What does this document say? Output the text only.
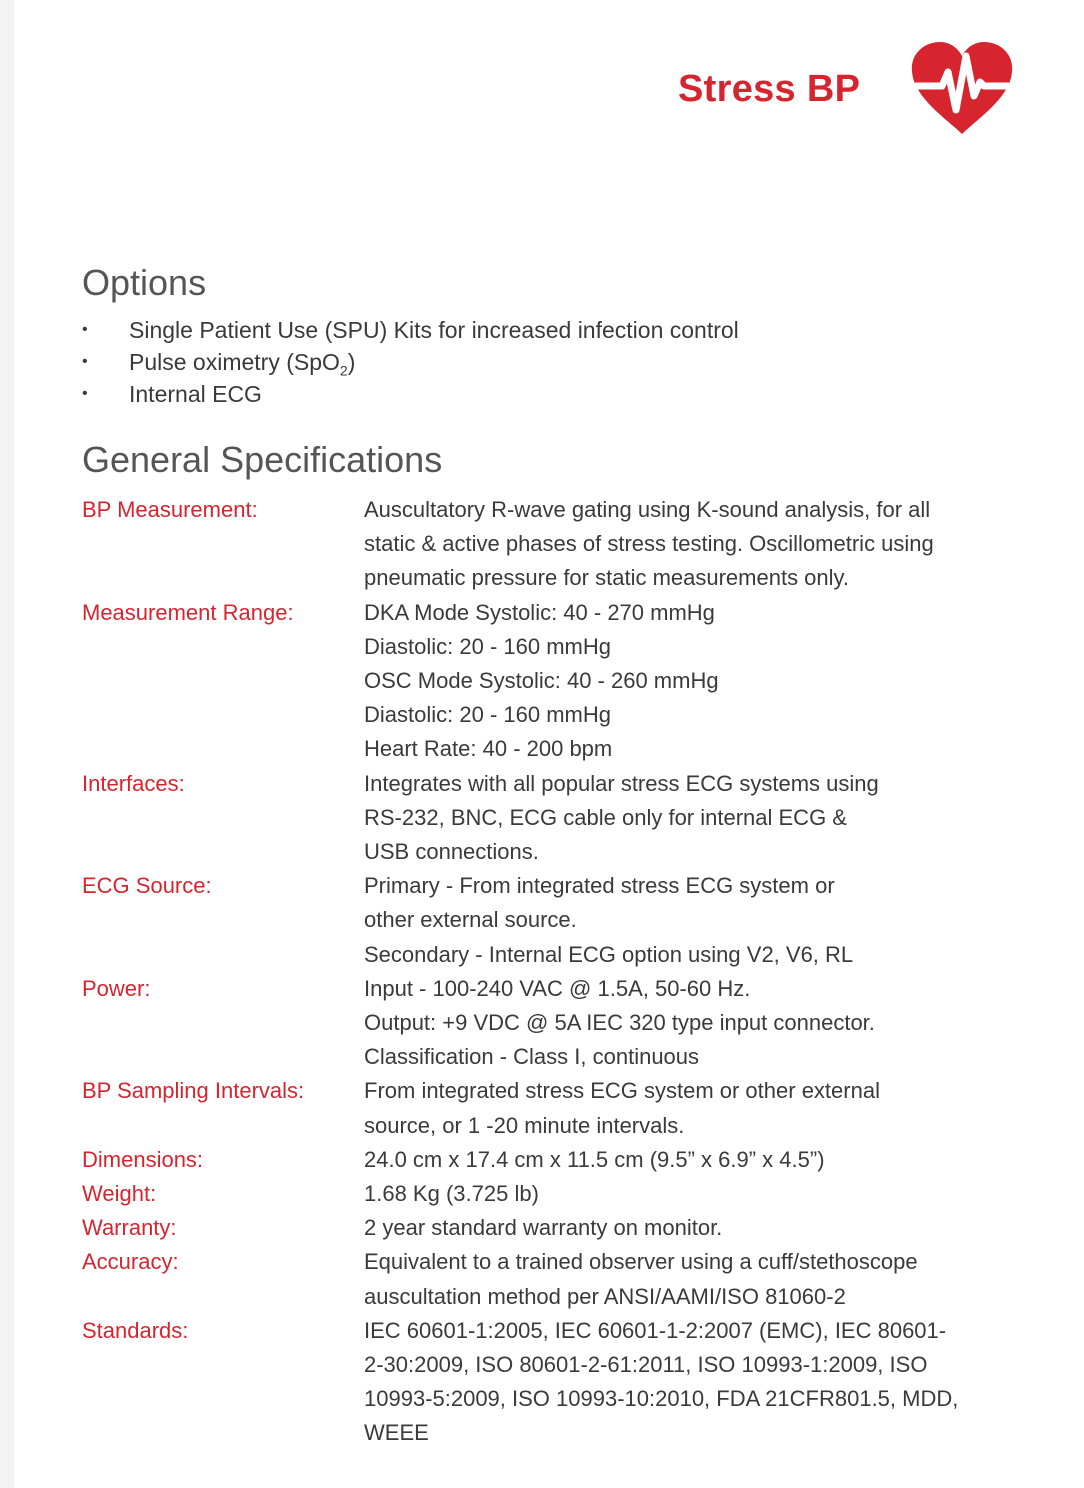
Stress BP
Options
• Single Patient Use (SPU) Kits for increased infection control
• Pulse oximetry (SpO$_2$)
• Internal ECG
General Specifications
BP Measurement:	Auscultatory R-wave gating using K-sound analysis, for all
static & active phases of stress testing. Oscillometric using
pneumatic pressure for static measurements only.
Measurement Range:	DKA Mode Systolic: 40 - 270 mmHg
Diastolic: 20 - 160 mmHg
OSC Mode Systolic: 40 - 260 mmHg
Diastolic: 20 - 160 mmHg
Heart Rate: 40 - 200 bpm
Interfaces:	Integrates with all popular stress ECG systems using
RS-232, BNC, ECG cable only for internal ECG &
USB connections.
ECG Source:	Primary - From integrated stress ECG system or
other external source.
Secondary - Internal ECG option using V2, V6, RL
Power:	Input - 100-240 VAC @ 1.5A, 50-60 Hz.
Output: +9 VDC @ 5A IEC 320 type input connector.
Classification - Class I, continuous
BP Sampling Intervals:	From integrated stress ECG system or other external
source, or 1 -20 minute intervals.
Dimensions:	24.0 cm x 17.4 cm x 11.5 cm (9.5” x 6.9” x 4.5”)
Weight:	1.68 Kg (3.725 lb)
Warranty:	2 year standard warranty on monitor.
Accuracy:	Equivalent to a trained observer using a cuff/stethoscope
auscultation method per ANSI/AAMI/ISO 81060-2
Standards:	IEC 60601-1:2005, IEC 60601-1-2:2007 (EMC), IEC 80601-
2-30:2009, ISO 80601-2-61:2011, ISO 10993-1:2009, ISO
10993-5:2009, ISO 10993-10:2010, FDA 21CFR801.5, MDD,
WEEE
